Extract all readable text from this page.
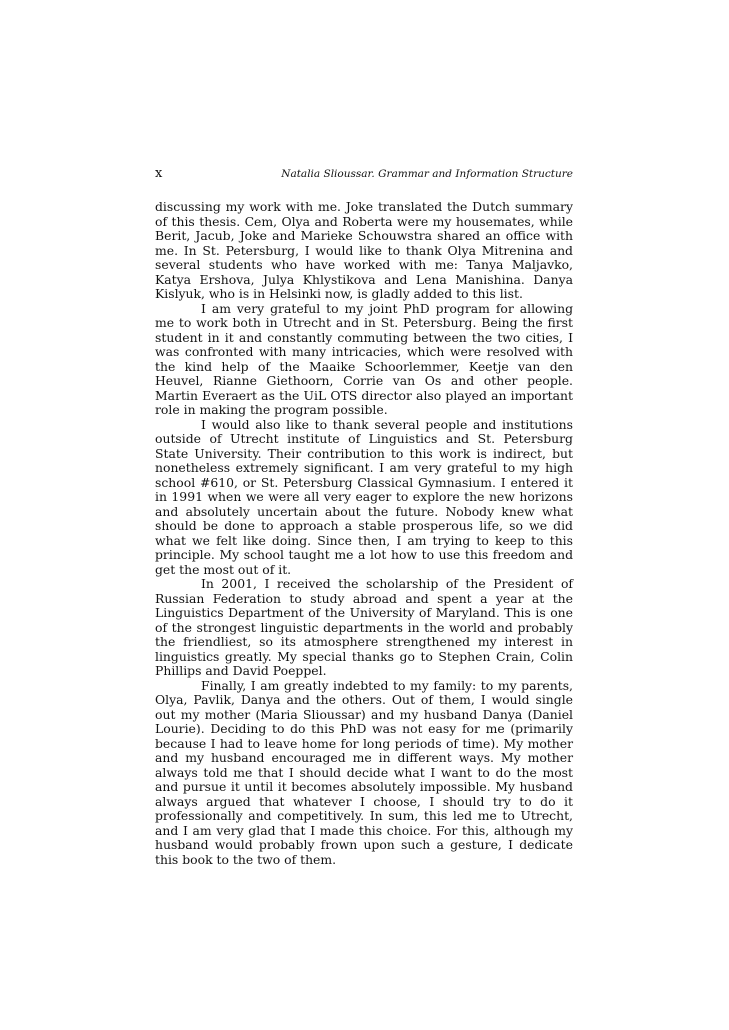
x	Natalia Slioussar. Grammar and Information Structure

discussing my work with me. Joke translated the Dutch summary of this thesis. Cem, Olya and Roberta were my housemates, while Berit, Jacub, Joke and Marieke Schouwstra shared an office with me. In St. Petersburg, I would like to thank Olya Mitrenina and several students who have worked with me: Tanya Maljavko, Katya Ershova, Julya Khlystikova and Lena Manishina. Danya Kislyuk, who is in Helsinki now, is gladly added to this list.

I am very grateful to my joint PhD program for allowing me to work both in Utrecht and in St. Petersburg. Being the first student in it and constantly commuting between the two cities, I was confronted with many intricacies, which were resolved with the kind help of the Maaike Schoorlemmer, Keetje van den Heuvel, Rianne Giethoorn, Corrie van Os and other people. Martin Everaert as the UiL OTS director also played an important role in making the program possible.

I would also like to thank several people and institutions outside of Utrecht institute of Linguistics and St. Petersburg State University. Their contribution to this work is indirect, but nonetheless extremely significant. I am very grateful to my high school #610, or St. Petersburg Classical Gymnasium. I entered it in 1991 when we were all very eager to explore the new horizons and absolutely uncertain about the future. Nobody knew what should be done to approach a stable prosperous life, so we did what we felt like doing. Since then, I am trying to keep to this principle. My school taught me a lot how to use this freedom and get the most out of it.

In 2001, I received the scholarship of the President of Russian Federation to study abroad and spent a year at the Linguistics Department of the University of Maryland. This is one of the strongest linguistic departments in the world and probably the friendliest, so its atmosphere strengthened my interest in linguistics greatly. My special thanks go to Stephen Crain, Colin Phillips and David Poeppel.

Finally, I am greatly indebted to my family: to my parents, Olya, Pavlik, Danya and the others. Out of them, I would single out my mother (Maria Slioussar) and my husband Danya (Daniel Lourie). Deciding to do this PhD was not easy for me (primarily because I had to leave home for long periods of time). My mother and my husband encouraged me in different ways. My mother always told me that I should decide what I want to do the most and pursue it until it becomes absolutely impossible. My husband always argued that whatever I choose, I should try to do it professionally and competitively. In sum, this led me to Utrecht, and I am very glad that I made this choice. For this, although my husband would probably frown upon such a gesture, I dedicate this book to the two of them.
